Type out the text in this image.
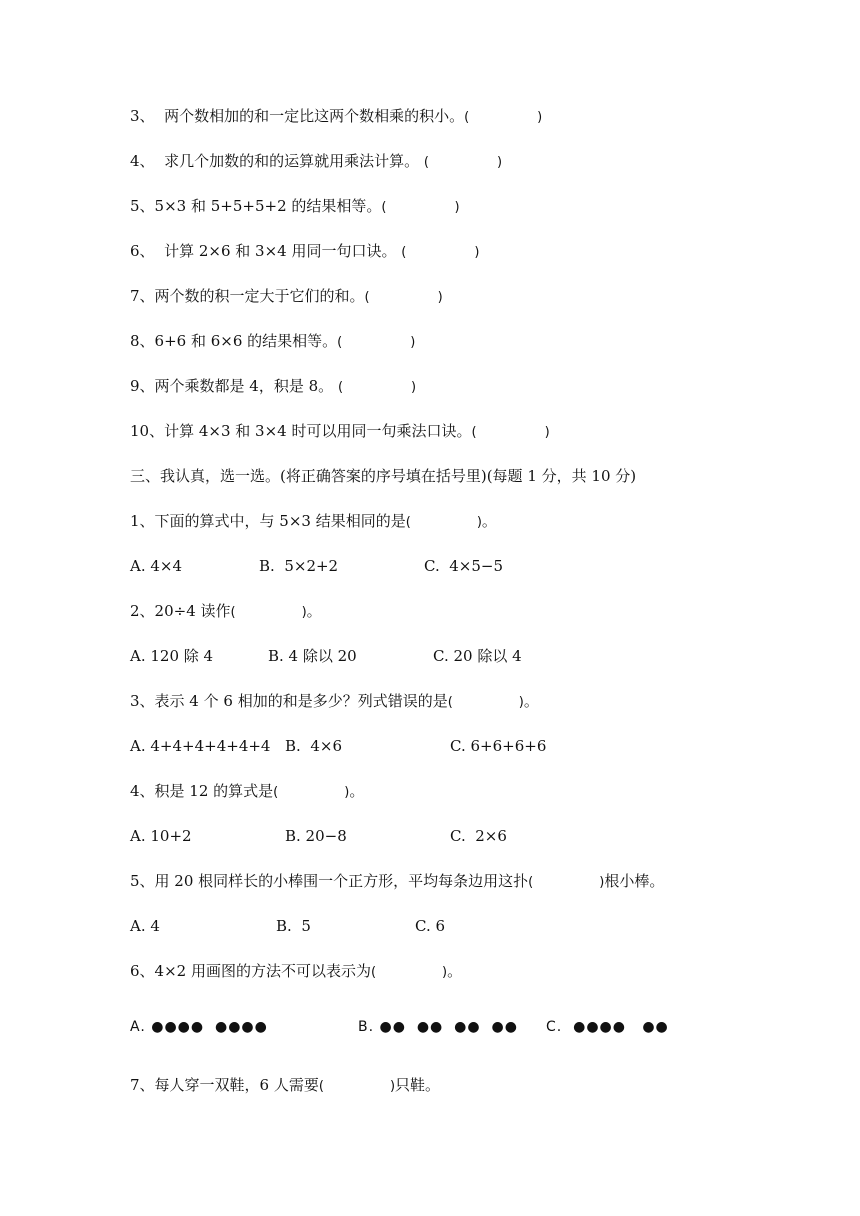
3、  两个数相加的和一定比这两个数相乘的积小。(	)
4、  求几个加数的和的运算就用乘法计算。 (	)
5、5×3 和 5+5+5+2 的结果相等。(	)
6、  计算 2×6 和 3×4 用同一句口诀。 (	)
7、两个数的积一定大于它们的和。(	)
8、6+6 和 6×6 的结果相等。(	)
9、两个乘数都是 4，积是 8。 (	)
10、计算 4×3 和 3×4 时可以用同一句乘法口诀。(	)
三、我认真，选一选。(将正确答案的序号填在括号里)(每题 1 分，共 10 分)
1、下面的算式中，与 5×3 结果相同的是(	)。
A. 4×4	B.  5×2+2	C.  4×5−5
2、20÷4 读作(	)。
A. 120 除 4	B. 4 除以 20	C. 20 除以 4
3、表示 4 个 6 相加的和是多少？列式错误的是(	)。
A. 4+4+4+4+4+4 B.  4×6	C. 6+6+6+6
4、积是 12 的算式是(	)。
A. 10+2	B. 20−8	C.  2×6
5、用 20 根同样长的小棒围一个正方形，平均每条边用这扑(	)根小棒。
A. 4	B.  5	C. 6
6、4×2 用画图的方法不可以表示为(	)。
A. ●●●●  ●●●●	B. ●●  ●●  ●●  ●● C.  ●●●●   ●●
7、每人穿一双鞋，6 人需要(	)只鞋。
